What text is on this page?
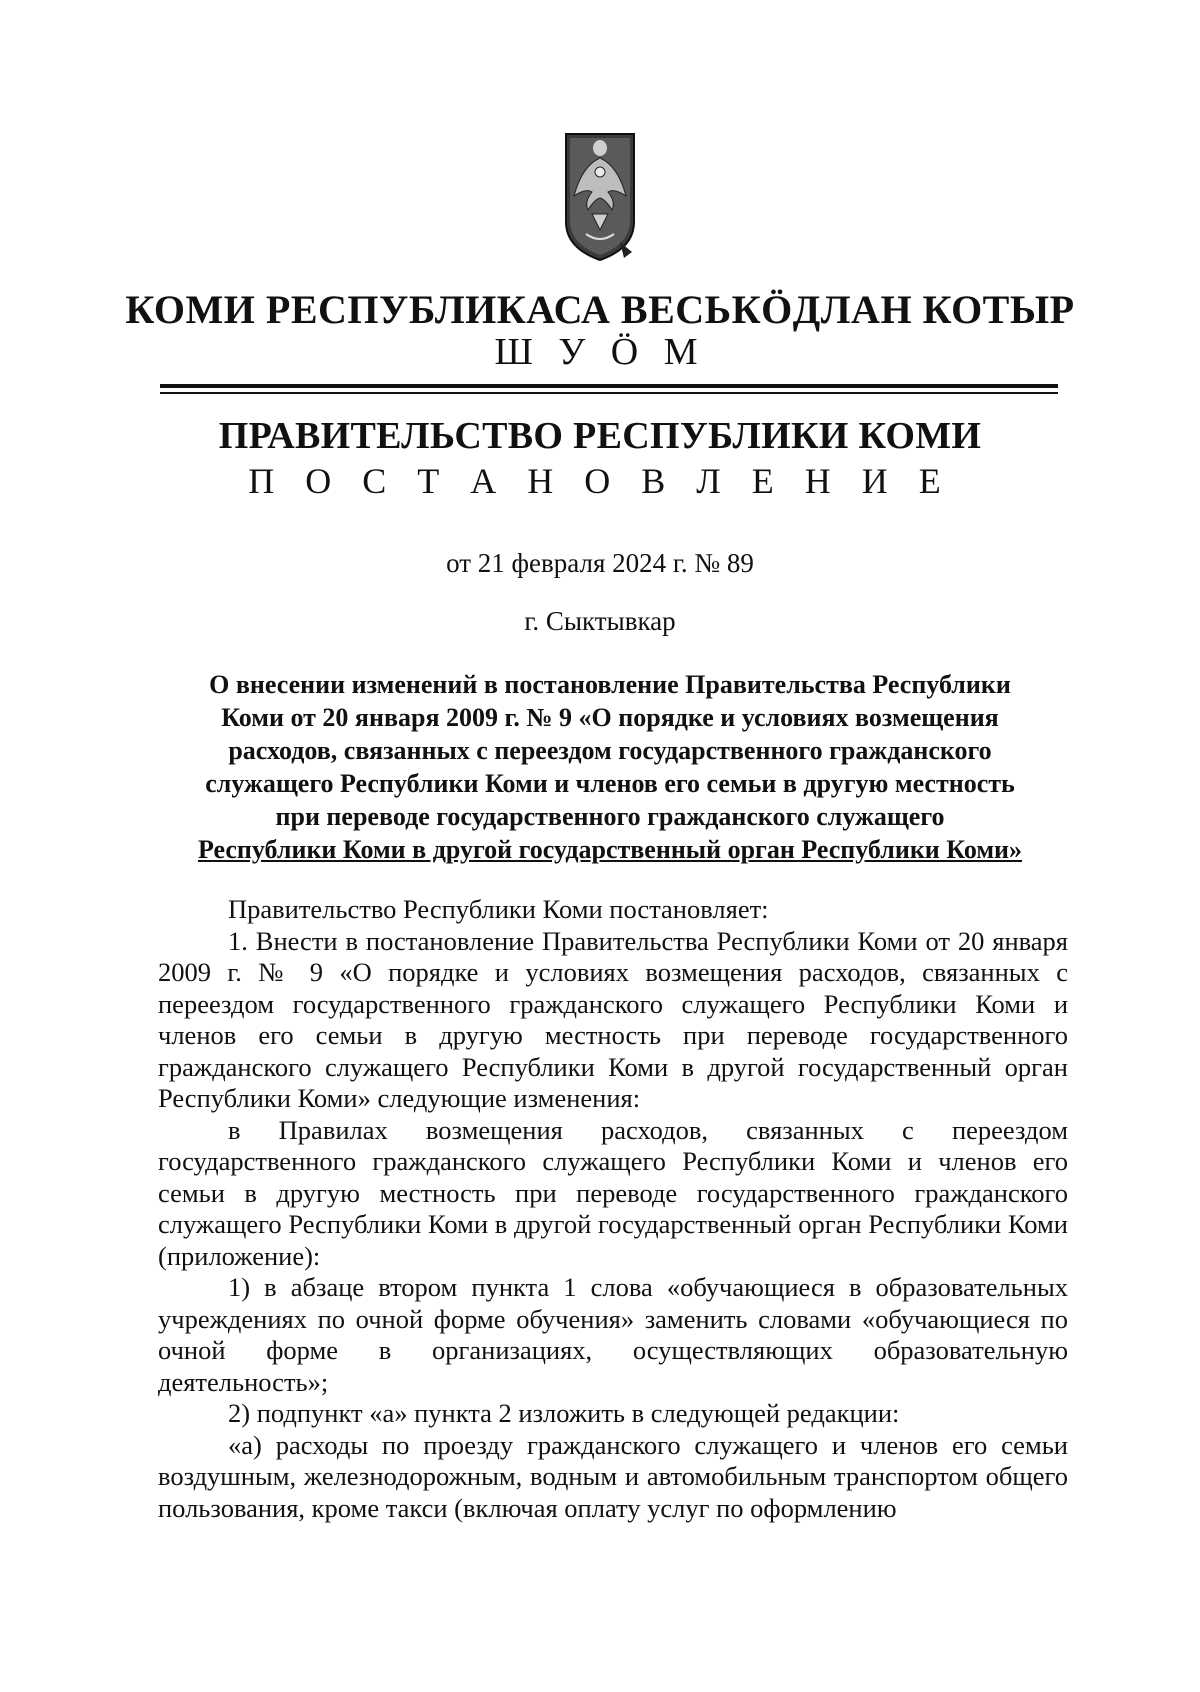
КОМИ РЕСПУБЛИКАСА ВЕСЬКӦДЛАН КОТЫР
Ш У Ӧ М
ПРАВИТЕЛЬСТВО РЕСПУБЛИКИ КОМИ
П О С Т А Н О В Л Е Н И Е
от 21 февраля 2024 г. № 89
г. Сыктывкар
О внесении изменений в постановление Правительства Республики
Коми от 20 января 2009 г. № 9 «О порядке и условиях возмещения
расходов, связанных с переездом государственного гражданского
служащего Республики Коми и членов его семьи в другую местность
при переводе государственного гражданского служащего
Республики Коми в другой государственный орган Республики Коми»

Правительство Республики Коми постановляет:

1. Внести в постановление Правительства Республики Коми от 20 января 2009 г. № 9 «О порядке и условиях возмещения расходов, связанных с переездом государственного гражданского служащего Республики Коми и членов его семьи в другую местность при переводе государственного гражданского служащего Республики Коми в другой государственный орган Республики Коми» следующие изменения:

в Правилах возмещения расходов, связанных с переездом государственного гражданского служащего Республики Коми и членов его семьи в другую местность при переводе государственного гражданского служащего Республики Коми в другой государственный орган Республики Коми (приложение):

1) в абзаце втором пункта 1 слова «обучающиеся в образовательных учреждениях по очной форме обучения» заменить словами «обучающиеся по очной форме в организациях, осуществляющих образовательную деятельность»;

2) подпункт «а» пункта 2 изложить в следующей редакции:

«а) расходы по проезду гражданского служащего и членов его семьи воздушным, железнодорожным, водным и автомобильным транспортом общего пользования, кроме такси (включая оплату услуг по оформлению
